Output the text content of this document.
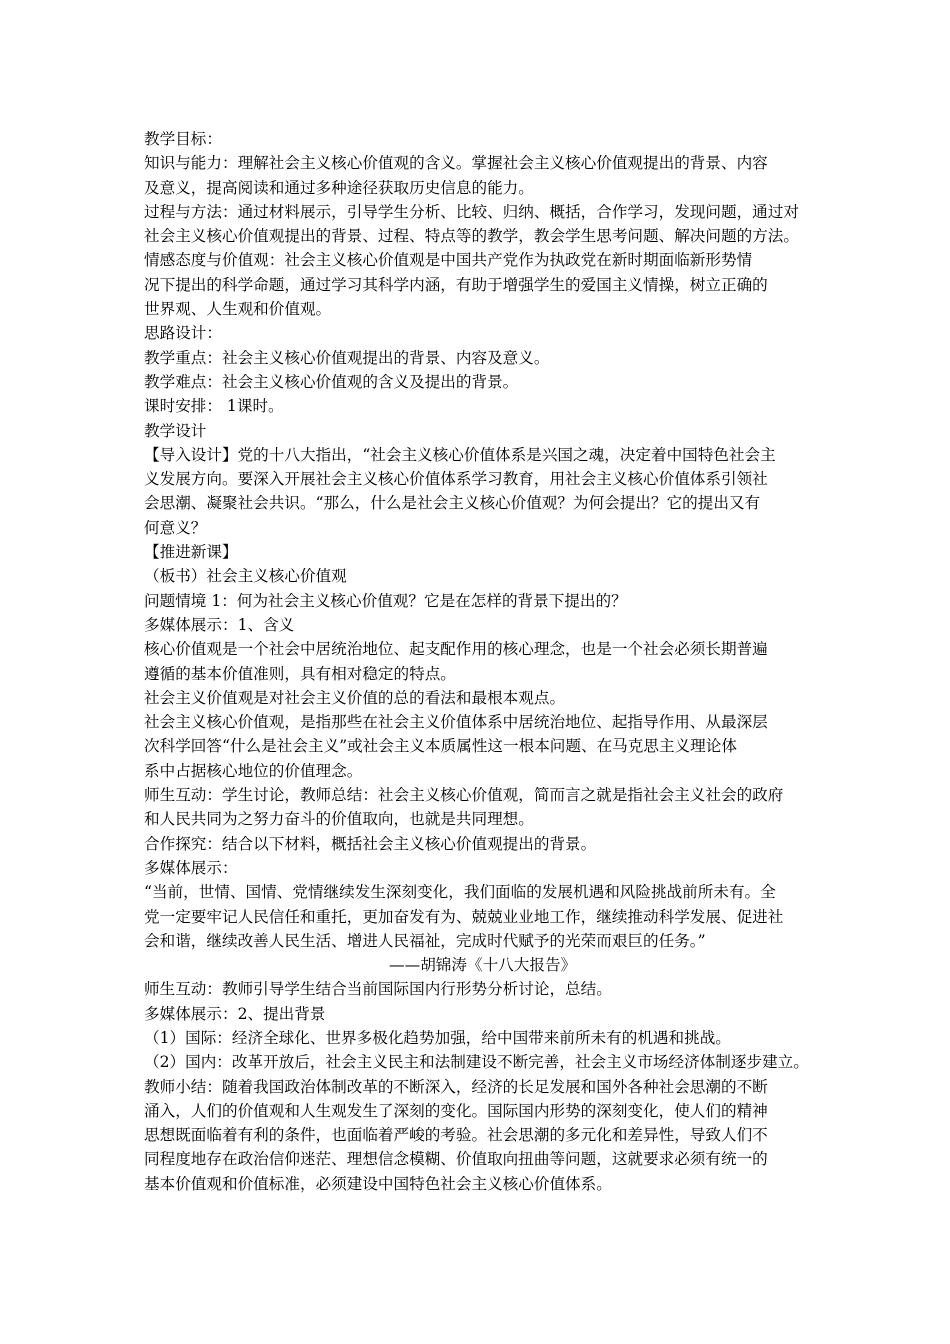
教学目标：
知识与能力：理解社会主义核心价值观的含义。掌握社会主义核心价值观提出的背景、内容
及意义，提高阅读和通过多种途径获取历史信息的能力。
过程与方法：通过材料展示，引导学生分析、比较、归纳、概括，合作学习，发现问题，通过对
社会主义核心价值观提出的背景、过程、特点等的教学，教会学生思考问题、解决问题的方法。
情感态度与价值观：社会主义核心价值观是中国共产党作为执政党在新时期面临新形势情
况下提出的科学命题，通过学习其科学内涵，有助于增强学生的爱国主义情操，树立正确的
世界观、人生观和价值观。
思路设计：
教学重点：社会主义核心价值观提出的背景、内容及意义。
教学难点：社会主义核心价值观的含义及提出的背景。
课时安排： 1课时。
教学设计
【导入设计】党的十八大指出，“社会主义核心价值体系是兴国之魂，决定着中国特色社会主
义发展方向。要深入开展社会主义核心价值体系学习教育，用社会主义核心价值体系引领社
会思潮、凝聚社会共识。“那么，什么是社会主义核心价值观？为何会提出？它的提出又有
何意义？
【推进新课】
（板书）社会主义核心价值观
问题情境 1：何为社会主义核心价值观？它是在怎样的背景下提出的？
多媒体展示：1、含义
核心价值观是一个社会中居统治地位、起支配作用的核心理念，也是一个社会必须长期普遍
遵循的基本价值准则，具有相对稳定的特点。
社会主义价值观是对社会主义价值的总的看法和最根本观点。
社会主义核心价值观，是指那些在社会主义价值体系中居统治地位、起指导作用、从最深层
次科学回答“什么是社会主义”或社会主义本质属性这一根本问题、在马克思主义理论体
系中占据核心地位的价值理念。
师生互动：学生讨论，教师总结：社会主义核心价值观，简而言之就是指社会主义社会的政府
和人民共同为之努力奋斗的价值取向，也就是共同理想。
合作探究：结合以下材料，概括社会主义核心价值观提出的背景。
多媒体展示：
“当前，世情、国情、党情继续发生深刻变化，我们面临的发展机遇和风险挑战前所未有。全
党一定要牢记人民信任和重托，更加奋发有为、兢兢业业地工作，继续推动科学发展、促进社
会和谐，继续改善人民生活、增进人民福祉，完成时代赋予的光荣而艰巨的任务。”
——胡锦涛《十八大报告》
师生互动：教师引导学生结合当前国际国内行形势分析讨论，总结。
多媒体展示：2、提出背景
（1）国际：经济全球化、世界多极化趋势加强，给中国带来前所未有的机遇和挑战。
（2）国内：改革开放后，社会主义民主和法制建设不断完善，社会主义市场经济体制逐步建立。
教师小结：随着我国政治体制改革的不断深入，经济的长足发展和国外各种社会思潮的不断
涌入，人们的价值观和人生观发生了深刻的变化。国际国内形势的深刻变化，使人们的精神
思想既面临着有利的条件，也面临着严峻的考验。社会思潮的多元化和差异性，导致人们不
同程度地存在政治信仰迷茫、理想信念模糊、价值取向扭曲等问题，这就要求必须有统一的
基本价值观和价值标准，必须建设中国特色社会主义核心价值体系。
